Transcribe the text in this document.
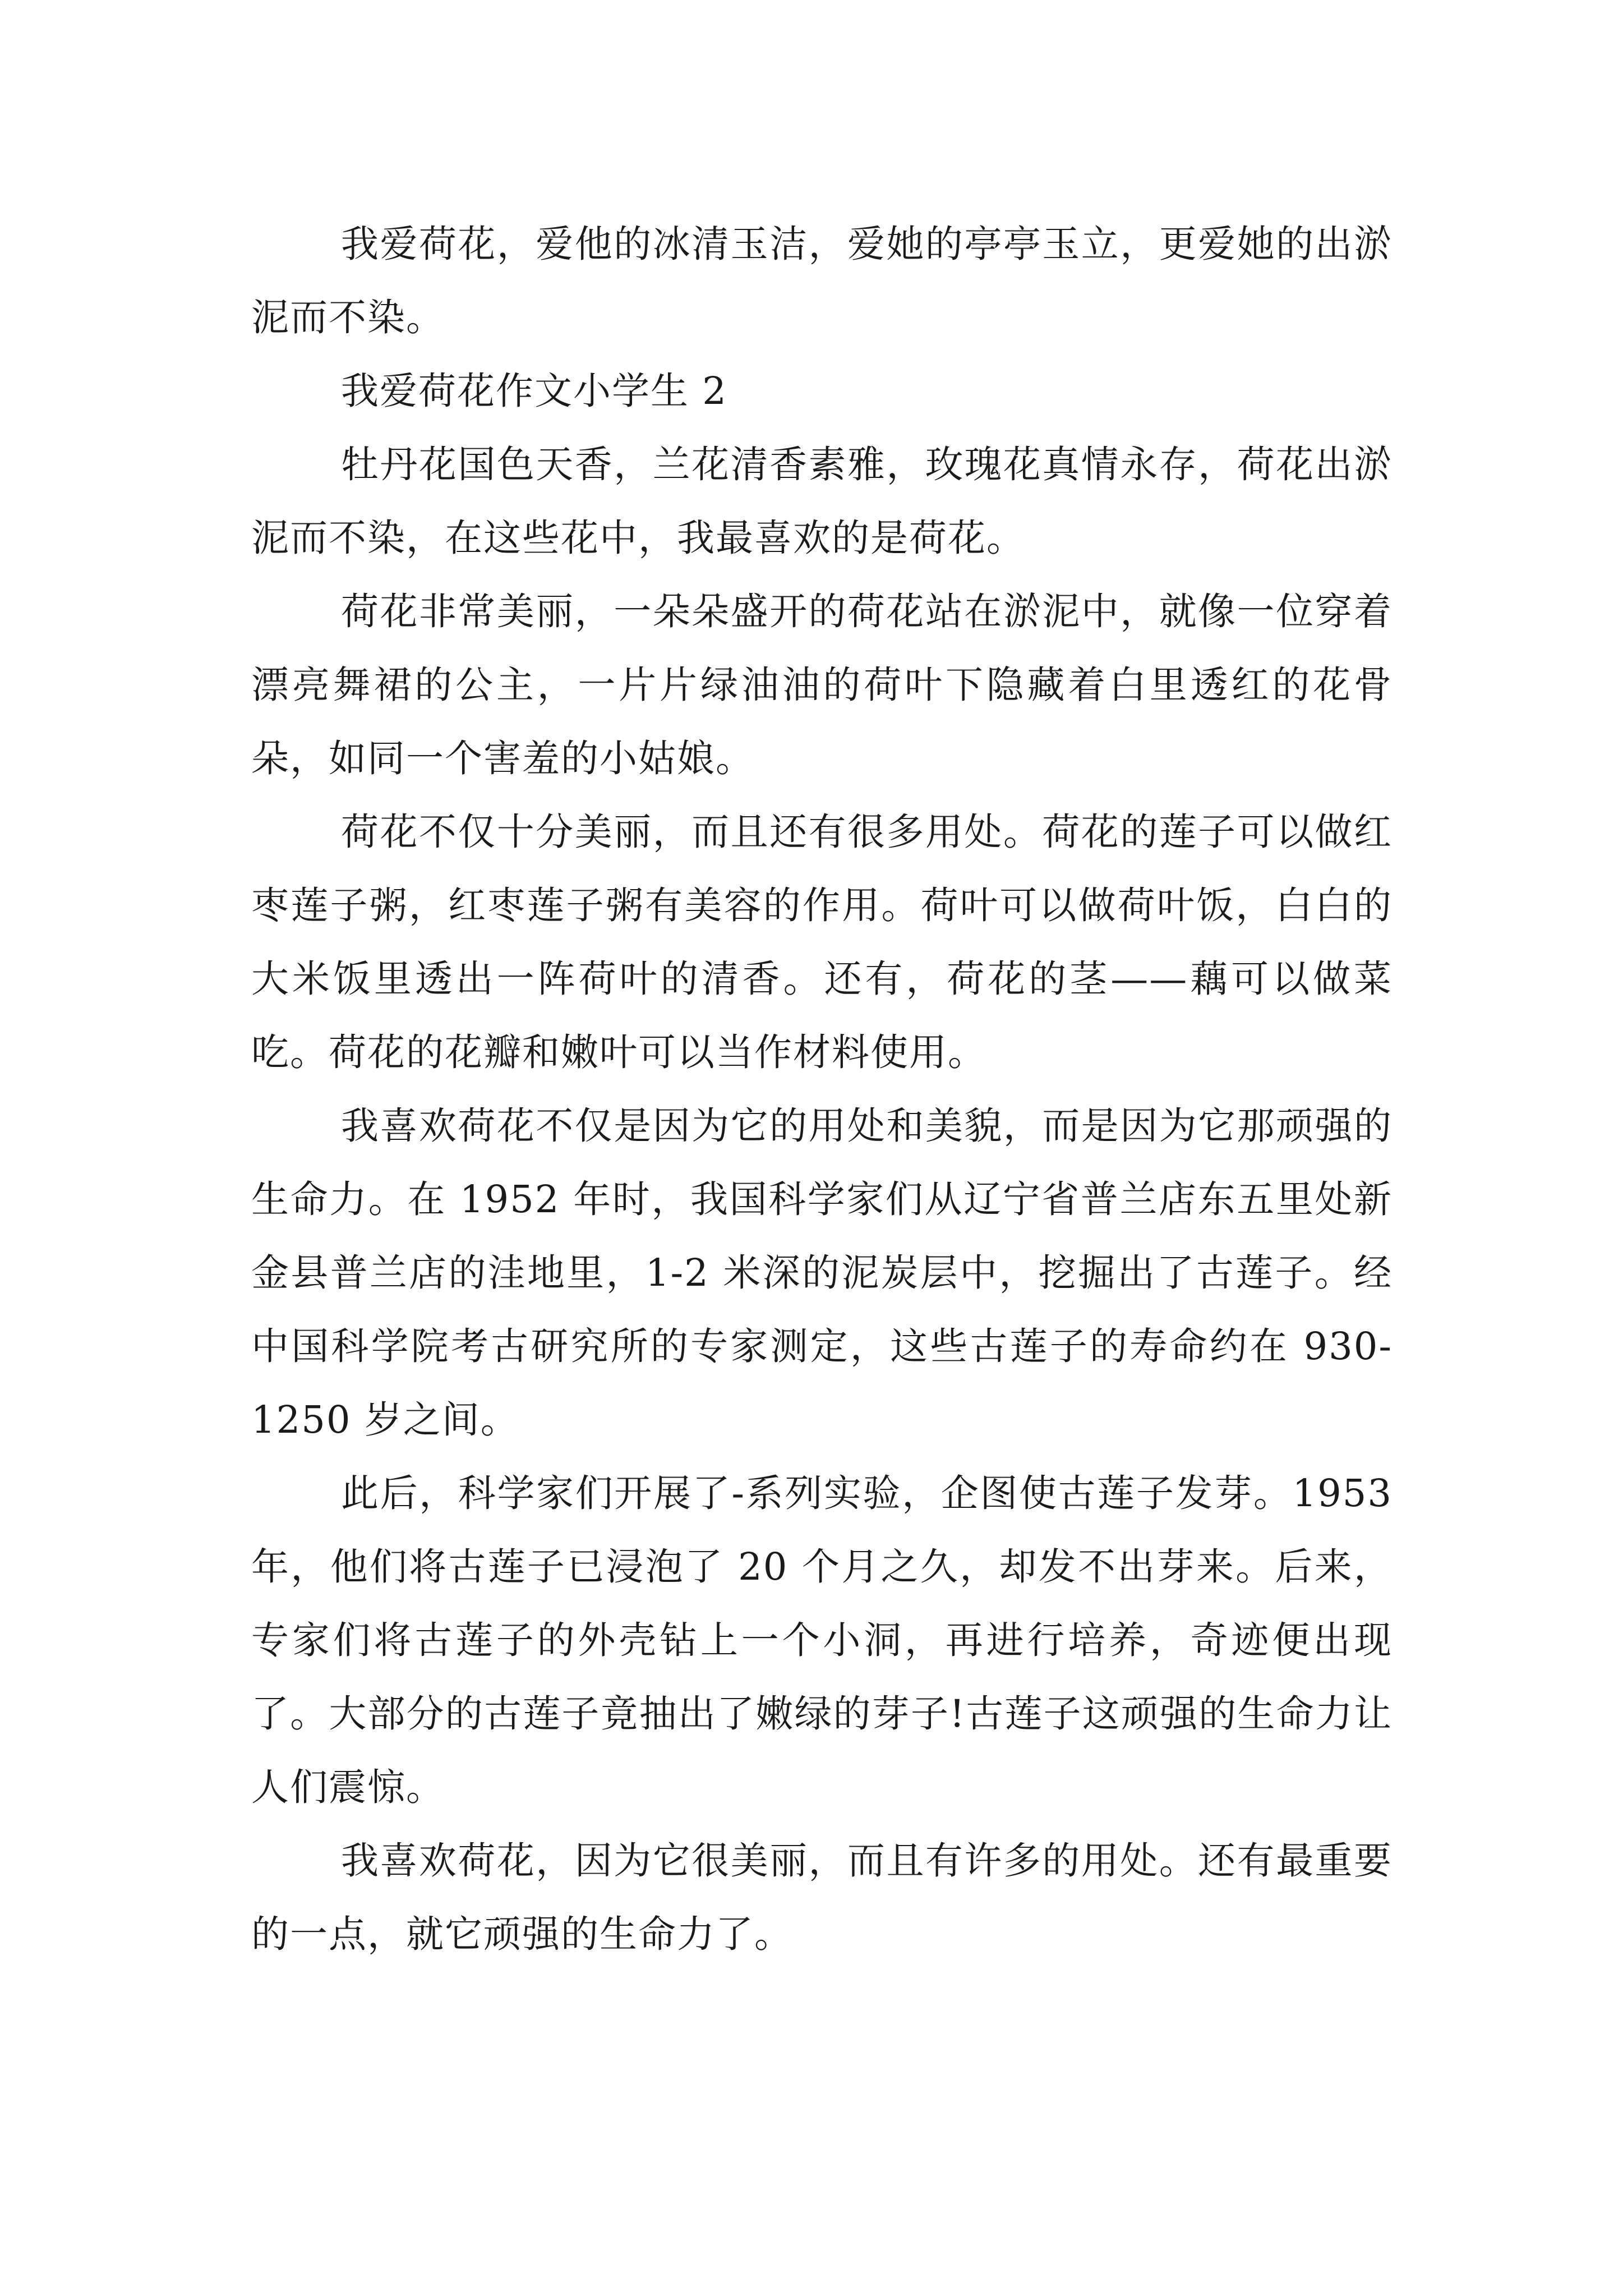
我爱荷花，爱他的冰清玉洁，爱她的亭亭玉立，更爱她的出淤泥而不染。

我爱荷花作文小学生 2

牡丹花国色天香，兰花清香素雅，玫瑰花真情永存，荷花出淤泥而不染，在这些花中，我最喜欢的是荷花。

荷花非常美丽，一朵朵盛开的荷花站在淤泥中，就像一位穿着漂亮舞裙的公主，一片片绿油油的荷叶下隐藏着白里透红的花骨朵，如同一个害羞的小姑娘。

荷花不仅十分美丽，而且还有很多用处。荷花的莲子可以做红枣莲子粥，红枣莲子粥有美容的作用。荷叶可以做荷叶饭，白白的大米饭里透出一阵荷叶的清香。还有，荷花的茎——藕可以做菜吃。荷花的花瓣和嫩叶可以当作材料使用。

我喜欢荷花不仅是因为它的用处和美貌，而是因为它那顽强的生命力。在 1952 年时，我国科学家们从辽宁省普兰店东五里处新金县普兰店的洼地里，1-2 米深的泥炭层中，挖掘出了古莲子。经中国科学院考古研究所的专家测定，这些古莲子的寿命约在 930-1250 岁之间。

此后，科学家们开展了-系列实验，企图使古莲子发芽。1953 年，他们将古莲子已浸泡了 20 个月之久，却发不出芽来。后来，专家们将古莲子的外壳钻上一个小洞，再进行培养，奇迹便出现了。大部分的古莲子竟抽出了嫩绿的芽子!古莲子这顽强的生命力让人们震惊。

我喜欢荷花，因为它很美丽，而且有许多的用处。还有最重要的一点，就它顽强的生命力了。
